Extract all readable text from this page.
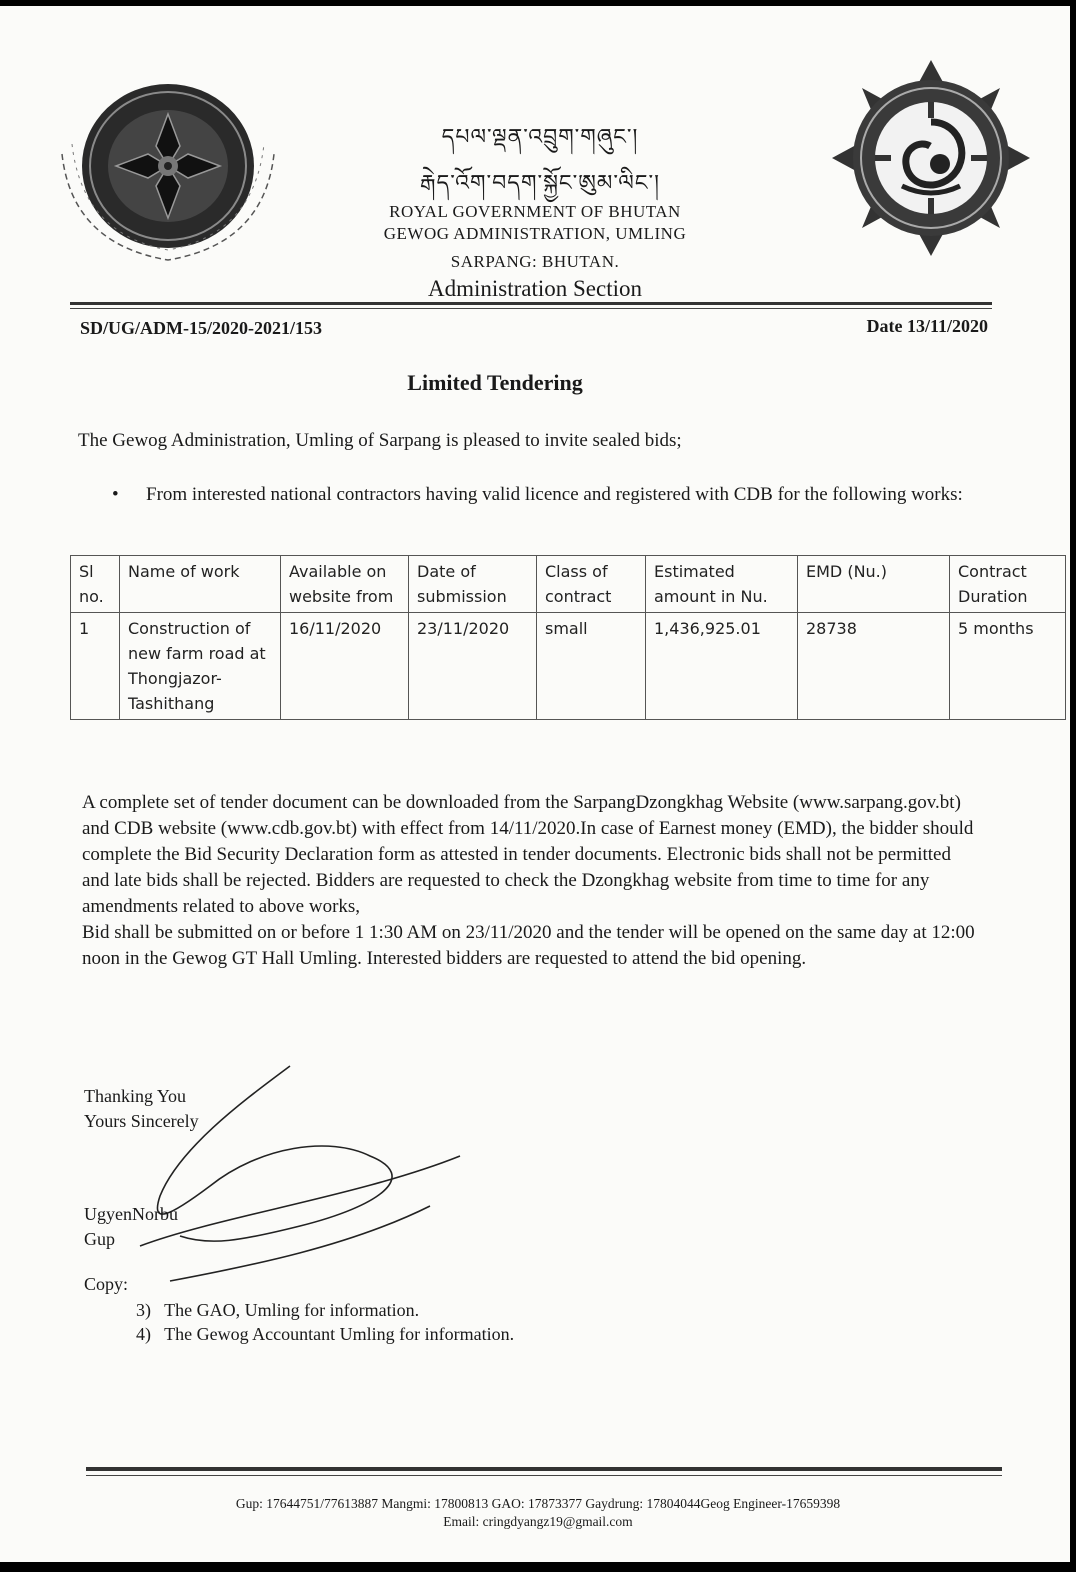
དཔལ་ལྡན་འབྲུག་གཞུང་།
རྒེད་འོག་བདག་སྐྱོང་ཨུམ་ལིང་།
ROYAL GOVERNMENT OF BHUTAN
GEWOG ADMINISTRATION, UMLING
SARPANG: BHUTAN.
Administration Section
SD/UG/ADM-15/2020-2021/153	Date 13/11/2020
Limited Tendering
The Gewog Administration, Umling of Sarpang is pleased to invite sealed bids;
• From interested national contractors having valid licence and registered with CDB for the following works:
Sl no.	Name of work	Available on website from	Date of submission	Class of contract	Estimated amount in Nu.	EMD (Nu.)	Contract Duration
1	Construction of new farm road at Thongjazor-Tashithang	16/11/2020	23/11/2020	small	1,436,925.01	28738	5 months

A complete set of tender document can be downloaded from the SarpangDzongkhag Website (www.sarpang.gov.bt) and CDB website (www.cdb.gov.bt) with effect from 14/11/2020.In case of Earnest money (EMD), the bidder should complete the Bid Security Declaration form as attested in tender documents. Electronic bids shall not be permitted and late bids shall be rejected. Bidders are requested to check the Dzongkhag website from time to time for any amendments related to above works,

Bid shall be submitted on or before 1 1:30 AM on 23/11/2020 and the tender will be opened on the same day at 12:00 noon in the Gewog GT Hall Umling. Interested bidders are requested to attend the bid opening.

Thanking You
Yours Sincerely
UgyenNorbu
Gup
Copy:
3)   The GAO, Umling for information.
4)   The Gewog Accountant Umling for information.
Gup: 17644751/77613887 Mangmi: 17800813 GAO: 17873377 Gaydrung: 17804044Geog Engineer-17659398
Email: cringdyangz19@gmail.com
